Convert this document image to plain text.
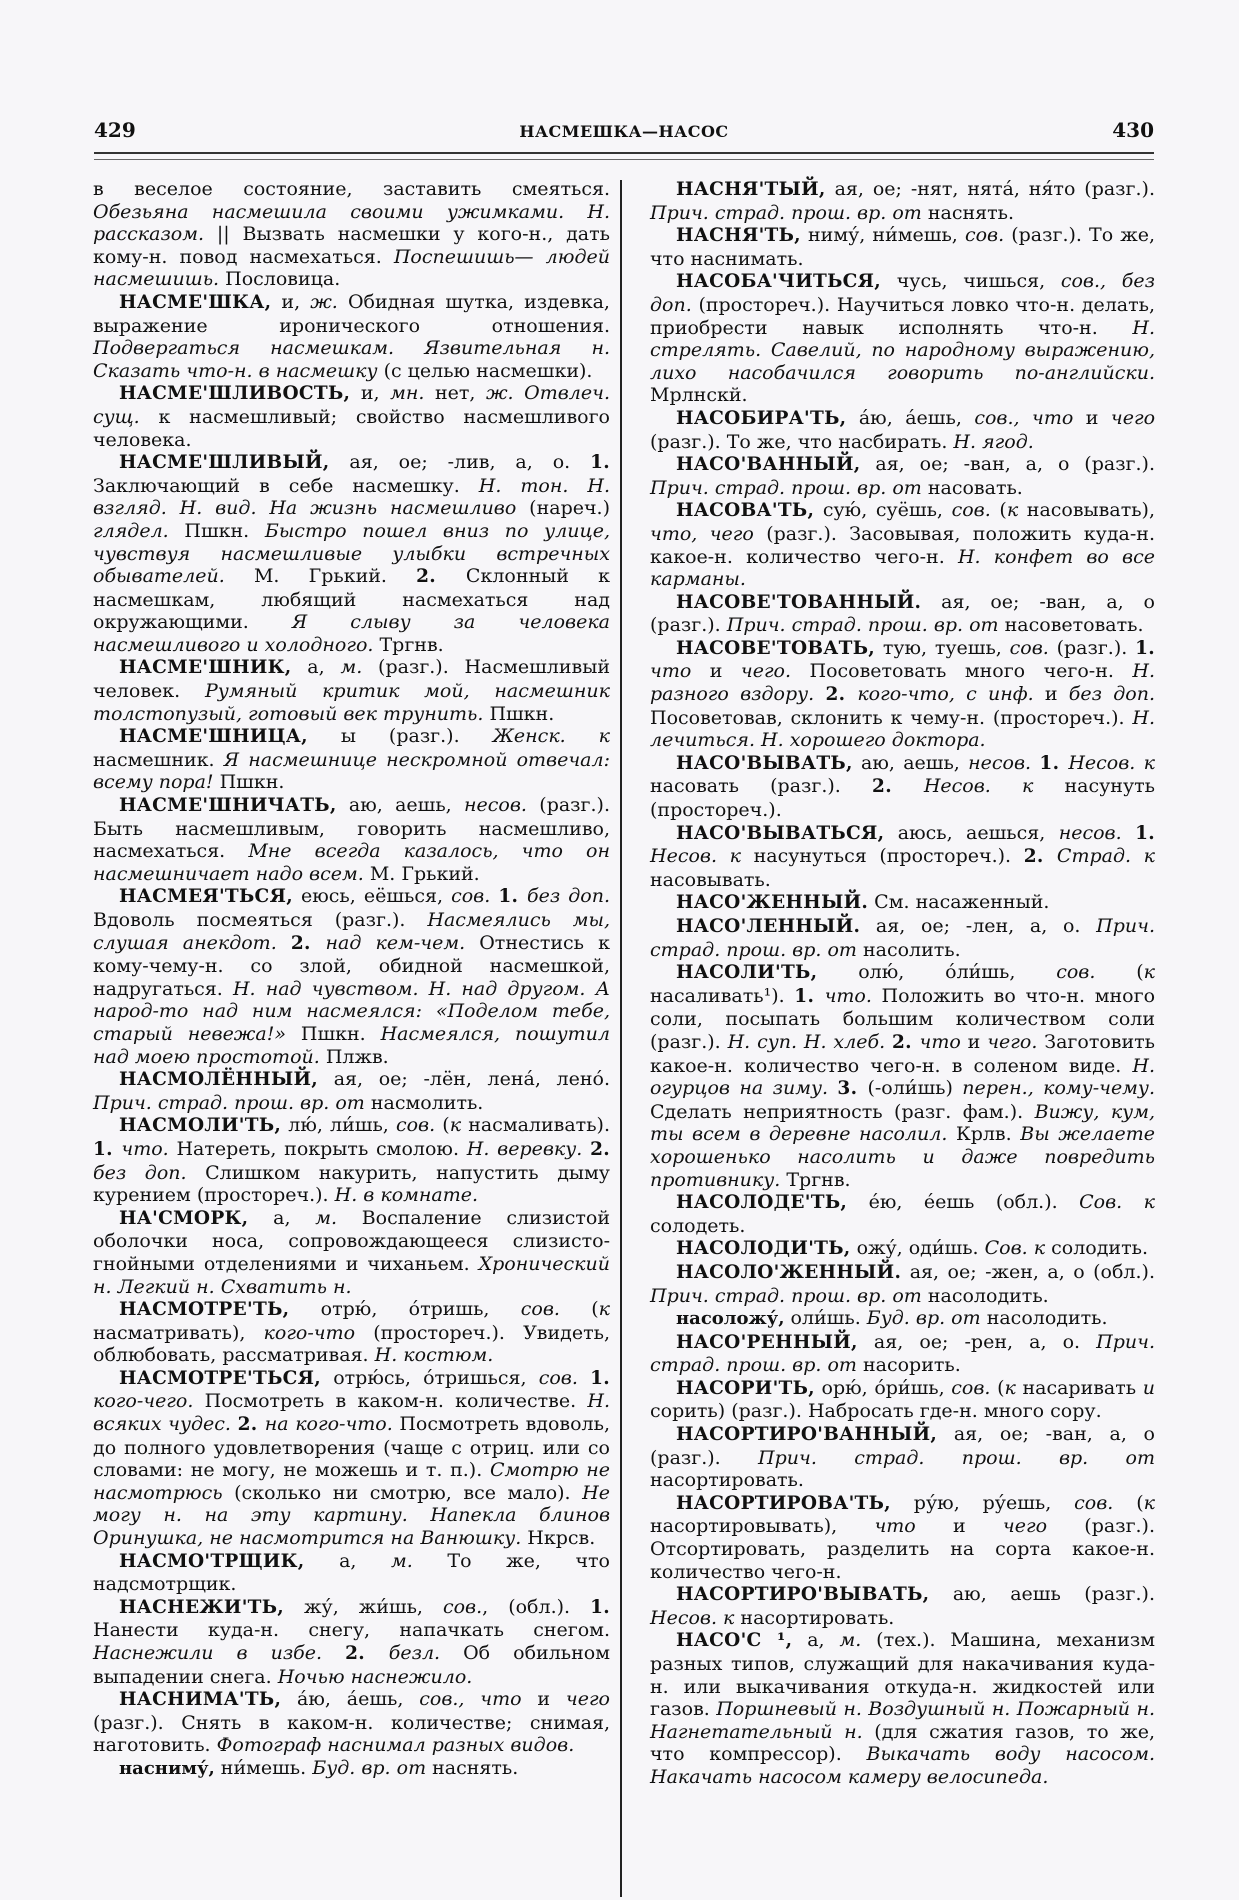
429	НАСМЕШКА—НАСОС	430

в веселое состояние, заставить смеяться. Обезьяна насмешила своими ужимками. Н. рассказом. || Вызвать насмешки у кого-н., дать кому-н. повод насмехаться. Поспешишь— людей насмешишь. Пословица.

НАСМЕ'ШКА, и, ж. Обидная шутка, издевка, выражение иронического отношения. Подвергаться насмешкам. Язвительная н. Сказать что-н. в насмешку (с целью насмешки).

НАСМЕ'ШЛИВОСТЬ, и, мн. нет, ж. Отвлеч. сущ. к насмешливый; свойство насмешливого человека.

НАСМЕ'ШЛИВЫЙ, ая, ое; -лив, а, о. 1. Заключающий в себе насмешку. Н. тон. Н. взгляд. Н. вид. На жизнь насмешливо (нареч.) глядел. Пшкн. Быстро пошел вниз по улице, чувствуя насмешливые улыбки встречных обывателей. М. Грький. 2. Склонный к насмешкам, любящий насмехаться над окружающими. Я слыву за человека насмешливого и холодного. Тргнв.

НАСМЕ'ШНИК, а, м. (разг.). Насмешливый человек. Румяный критик мой, насмешник толстопузый, готовый век трунить. Пшкн.

НАСМЕ'ШНИЦА, ы (разг.). Женск. к насмешник. Я насмешнице нескромной отвечал: всему пора! Пшкн.

НАСМЕ'ШНИЧАТЬ, аю, аешь, несов. (разг.). Быть насмешливым, говорить насмешливо, насмехаться. Мне всегда казалось, что он насмешничает надо всем. М. Грький.

НАСМЕЯ'ТЬСЯ, еюсь, еёшься, сов. 1. без доп. Вдоволь посмеяться (разг.). Насмеялись мы, слушая анекдот. 2. над кем-чем. Отнестись к кому-чему-н. со злой, обидной насмешкой, надругаться. Н. над чувством. Н. над другом. А народ-то над ним насмеялся: «Поделом тебе, старый невежа!» Пшкн. Насмеялся, пошутил над моею простотой. Плжв.

НАСМОЛЁННЫЙ, ая, ое; -лён, лена́, лено́. Прич. страд. прош. вр. от насмолить.

НАСМОЛИ'ТЬ, лю́, ли́шь, сов. (к насмаливать). 1. что. Натереть, покрыть смолою. Н. веревку. 2. без доп. Слишком накурить, напустить дыму курением (простореч.). Н. в комнате.

НА'СМОРК, а, м. Воспаление слизистой оболочки носа, сопровождающееся слизисто-гнойными отделениями и чиханьем. Хронический н. Легкий н. Схватить н.

НАСМОТРЕ'ТЬ, отрю́, о́тришь, сов. (к насматривать), кого-что (простореч.). Увидеть, облюбовать, рассматривая. Н. костюм.

НАСМОТРЕ'ТЬСЯ, отрю́сь, о́тришься, сов. 1. кого-чего. Посмотреть в каком-н. количестве. Н. всяких чудес. 2. на кого-что. Посмотреть вдоволь, до полного удовлетворения (чаще с отриц. или со словами: не могу, не можешь и т. п.). Смотрю не насмотрюсь (сколько ни смотрю, все мало). Не могу н. на эту картину. Напекла блинов Оринушка, не насмотрится на Ванюшку. Нкрсв.

НАСМО'ТРЩИК, а, м. То же, что надсмотрщик.

НАСНЕЖИ'ТЬ, жу́, жи́шь, сов., (обл.). 1. Нанести куда-н. снегу, напачкать снегом. Наснежили в избе. 2. безл. Об обильном выпадении снега. Ночью наснежило.

НАСНИМА'ТЬ, а́ю, а́ешь, сов., что и чего (разг.). Снять в каком-н. количестве; снимая, наготовить. Фотограф наснимал разных видов.

насниму́, ни́мешь. Буд. вр. от наснять.

НАСНЯ'ТЫЙ, ая, ое; -нят, нята́, ня́то (разг.). Прич. страд. прош. вр. от наснять.

НАСНЯ'ТЬ, ниму́, ни́мешь, сов. (разг.). То же, что наснимать.

НАСОБА'ЧИТЬСЯ, чусь, чишься, сов., без доп. (простореч.). Научиться ловко что-н. делать, приобрести навык исполнять что-н. Н. стрелять. Савелий, по народному выражению, лихо насобачился говорить по-английски. Мрлнскй.

НАСОБИРА'ТЬ, а́ю, а́ешь, сов., что и чего (разг.). То же, что насбирать. Н. ягод.

НАСО'ВАННЫЙ, ая, ое; -ван, а, о (разг.). Прич. страд. прош. вр. от насовать.

НАСОВА'ТЬ, сую́, суёшь, сов. (к насовывать), что, чего (разг.). Засовывая, положить куда-н. какое-н. количество чего-н. Н. конфет во все карманы.

НАСОВЕ'ТОВАННЫЙ. ая, ое; -ван, а, о (разг.). Прич. страд. прош. вр. от насоветовать.

НАСОВЕ'ТОВАТЬ, тую, туешь, сов. (разг.). 1. что и чего. Посоветовать много чего-н. Н. разного вздору. 2. кого-что, с инф. и без доп. Посоветовав, склонить к чему-н. (простореч.). Н. лечиться. Н. хорошего доктора.

НАСО'ВЫВАТЬ, аю, аешь, несов. 1. Несов. к насовать (разг.). 2. Несов. к насунуть (простореч.).

НАСО'ВЫВАТЬСЯ, аюсь, аешься, несов. 1. Несов. к насунуться (простореч.). 2. Страд. к насовывать.

НАСО'ЖЕННЫЙ. См. насаженный.

НАСО'ЛЕННЫЙ. ая, ое; -лен, а, о. Прич. страд. прош. вр. от насолить.

НАСОЛИ'ТЬ, олю́, о́ли́шь, сов. (к насаливать¹). 1. что. Положить во что-н. много соли, посыпать большим количеством соли (разг.). Н. суп. Н. хлеб. 2. что и чего. Заготовить какое-н. количество чего-н. в соленом виде. Н. огурцов на зиму. 3. (-оли́шь) перен., кому-чему. Сделать неприятность (разг. фам.). Вижу, кум, ты всем в деревне насолил. Крлв. Вы желаете хорошенько насолить и даже повредить противнику. Тргнв.

НАСОЛОДЕ'ТЬ, е́ю, е́ешь (обл.). Сов. к солодеть.

НАСОЛОДИ'ТЬ, ожу́, оди́шь. Сов. к солодить.

НАСОЛО'ЖЕННЫЙ. ая, ое; -жен, а, о (обл.). Прич. страд. прош. вр. от насолодить.

насоложу́, оли́шь. Буд. вр. от насолодить.

НАСО'РЕННЫЙ, ая, ое; -рен, а, о. Прич. страд. прош. вр. от насорить.

НАСОРИ'ТЬ, орю́, о́ри́шь, сов. (к насаривать и сорить) (разг.). Набросать где-н. много сору.

НАСОРТИРО'ВАННЫЙ, ая, ое; -ван, а, о (разг.). Прич. страд. прош. вр. от насортировать.

НАСОРТИРОВА'ТЬ, ру́ю, ру́ешь, сов. (к насортировывать), что и чего (разг.). Отсортировать, разделить на сорта какое-н. количество чего-н.

НАСОРТИРО'ВЫВАТЬ, аю, аешь (разг.). Несов. к насортировать.

НАСО'С ¹, а, м. (тех.). Машина, механизм разных типов, служащий для накачивания куда-н. или выкачивания откуда-н. жидкостей или газов. Поршневый н. Воздушный н. Пожарный н. Нагнетательный н. (для сжатия газов, то же, что компрессор). Выкачать воду насосом. Накачать насосом камеру велосипеда.
